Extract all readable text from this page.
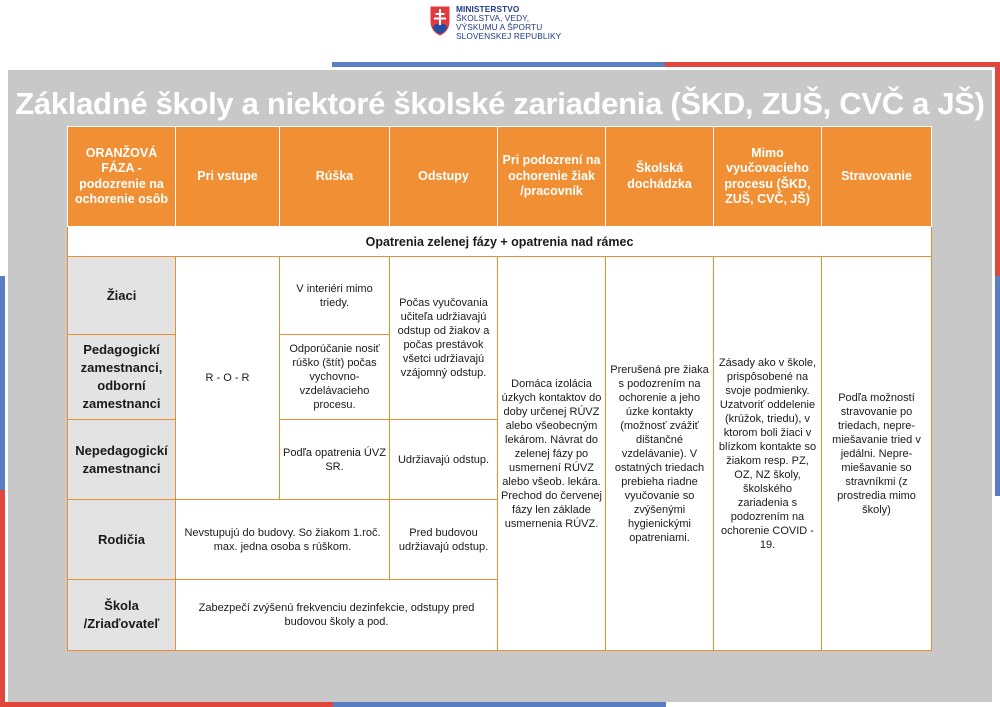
MINISTERSTVO
ŠKOLSTVA, VEDY,
VÝSKUMU A ŠPORTU
SLOVENSKEJ REPUBLIKY
Základné školy a niektoré školské zariadenia (ŠKD, ZUŠ, CVČ a JŠ)
ORANŽOVÁ FÁZA - podozrenie na ochorenie osôb	Pri vstupe	Rúška	Odstupy	Pri podozrení na ochorenie žiak /pracovník	Školská dochádzka	Mimo vyučovacieho procesu (ŠKD, ZUŠ, CVČ, JŠ)	Stravovanie
Opatrenia zelenej fázy + opatrenia nad rámec							
Žiaci	R - O - R	V interiéri mimo triedy.	Počas vyučovania učiteľa udržiavajú odstup od žiakov a počas prestávok všetci udržiavajú vzájomný odstup.	Domáca izolácia úzkych kontaktov do doby určenej RÚVZ alebo všeobecným lekárom. Návrat do zelenej fázy po usmernení RÚVZ alebo všeob. lekára. Prechod do červenej fázy len základe usmernenia RÚVZ.	Prerušená pre žiaka s podozrením na ochorenie a jeho úzke kontakty (možnosť zvážiť dištančné vzdelávanie). V ostatných triedach prebieha riadne vyučovanie so zvýšenými hygienickými opatreniami.	Zásady ako v škole, prispôsobené na svoje podmienky. Uzatvoriť oddelenie (krúžok, triedu), v ktorom boli žiaci v blízkom kontakte so žiakom resp. PZ, OZ, NZ školy, školského zariadenia s podozrením na ochorenie COVID - 19.	Podľa možností stravovanie po triedach, nepre-miešavanie tried v jedálni. Nepre-miešavanie so stravníkmi (z prostredia mimo školy)
Pedagogickí zamestnanci, odborní zamestnanci		Odporúčanie nosiť rúško (štít) počas vychovno-vzdelávacieho procesu.					
Nepedagogickí zamestnanci		Podľa opatrenia ÚVZ SR.	Udržiavajú odstup.				
Rodičia	Nevstupujú do budovy. So žiakom 1.roč. max. jedna osoba s rúškom.		Pred budovou udržiavajú odstup.				
Škola /Zriaďovateľ	Zabezpečí zvýšenú frekvenciu dezinfekcie, odstupy pred budovou školy a pod.						
